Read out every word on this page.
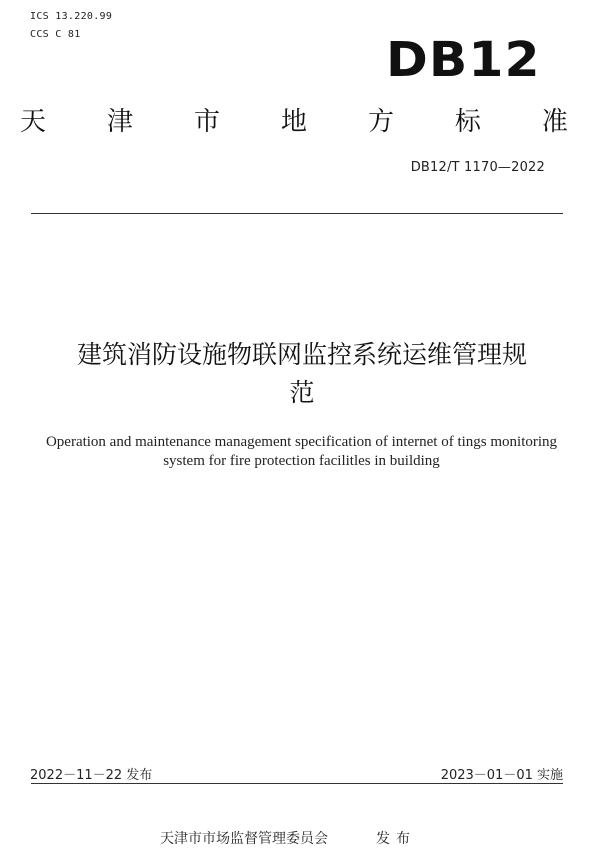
ICS 13.220.99
CCS C 81	DB12
天 津 市 地 方 标 准
DB12/T 1170—2022
建筑消防设施物联网监控系统运维管理规
范
Operation and maintenance management specification of internet of tings monitoring
system for fire protection facilitles in building
2022－11－22 发布	2023－01－01 实施
天津市市场监督管理委员会	发布
